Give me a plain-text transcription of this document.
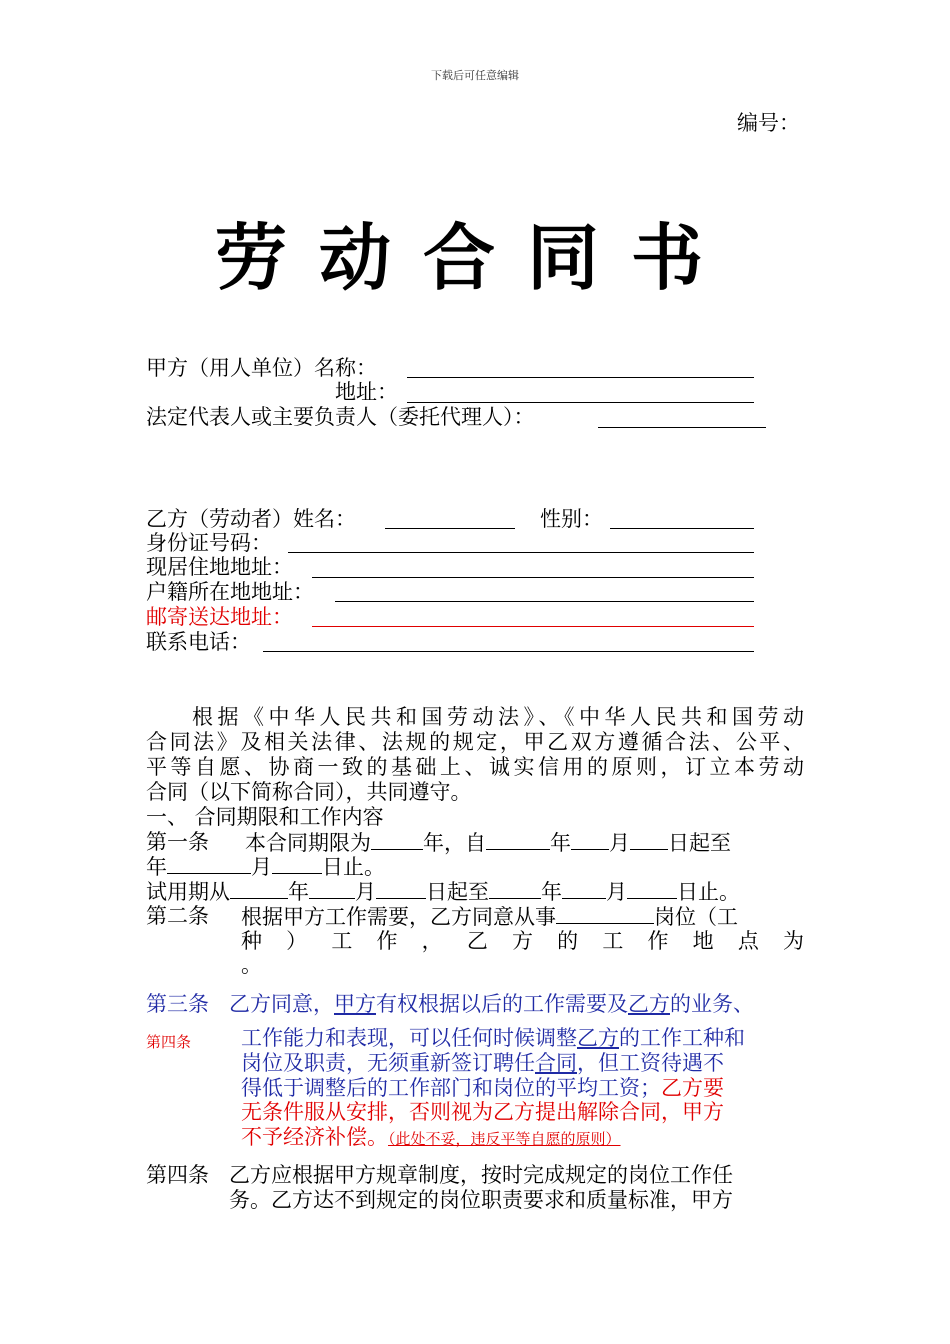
下载后可任意编辑
编号：
劳动合同书
甲方（用人单位）名称：
地址：
法定代表人或主要负责人（委托代理人）：
乙方（劳动者）姓名：	性别：
身份证号码：
现居住地地址：
户籍所在地地址：
邮寄送达地址：
联系电话：
根据《中华人民共和国劳动法》、《中华人民共和国劳动
合同法》及相关法律、法规的规定，甲乙双方遵循合法、公平、
平等自愿、协商一致的基础上、诚实信用的原则，订立本劳动
合同（以下简称合同），共同遵守。
一、 合同期限和工作内容
第一条 本合同期限为 年，自	年 月 日起至
年	月 日止。
试用期从	年 月 日起至 年 月 日止。
第二条 根据甲方工作需要，乙方同意从事	岗位（工
种 ） 工 作 ， 乙 方 的 工 作 地 点 为
。
第三条 乙方同意，甲方有权根据以后的工作需要及乙方的业务、
第四条 工作能力和表现，可以任何时候调整乙方的工作工种和
岗位及职责，无须重新签订聘任合同，但工资待遇不
得低于调整后的工作部门和岗位的平均工资；乙方要
无条件服从安排，否则视为乙方提出解除合同，甲方
不予经济补偿。（此处不妥，违反平等自愿的原则）
第四条 乙方应根据甲方规章制度，按时完成规定的岗位工作任
务。乙方达不到规定的岗位职责要求和质量标准，甲方
